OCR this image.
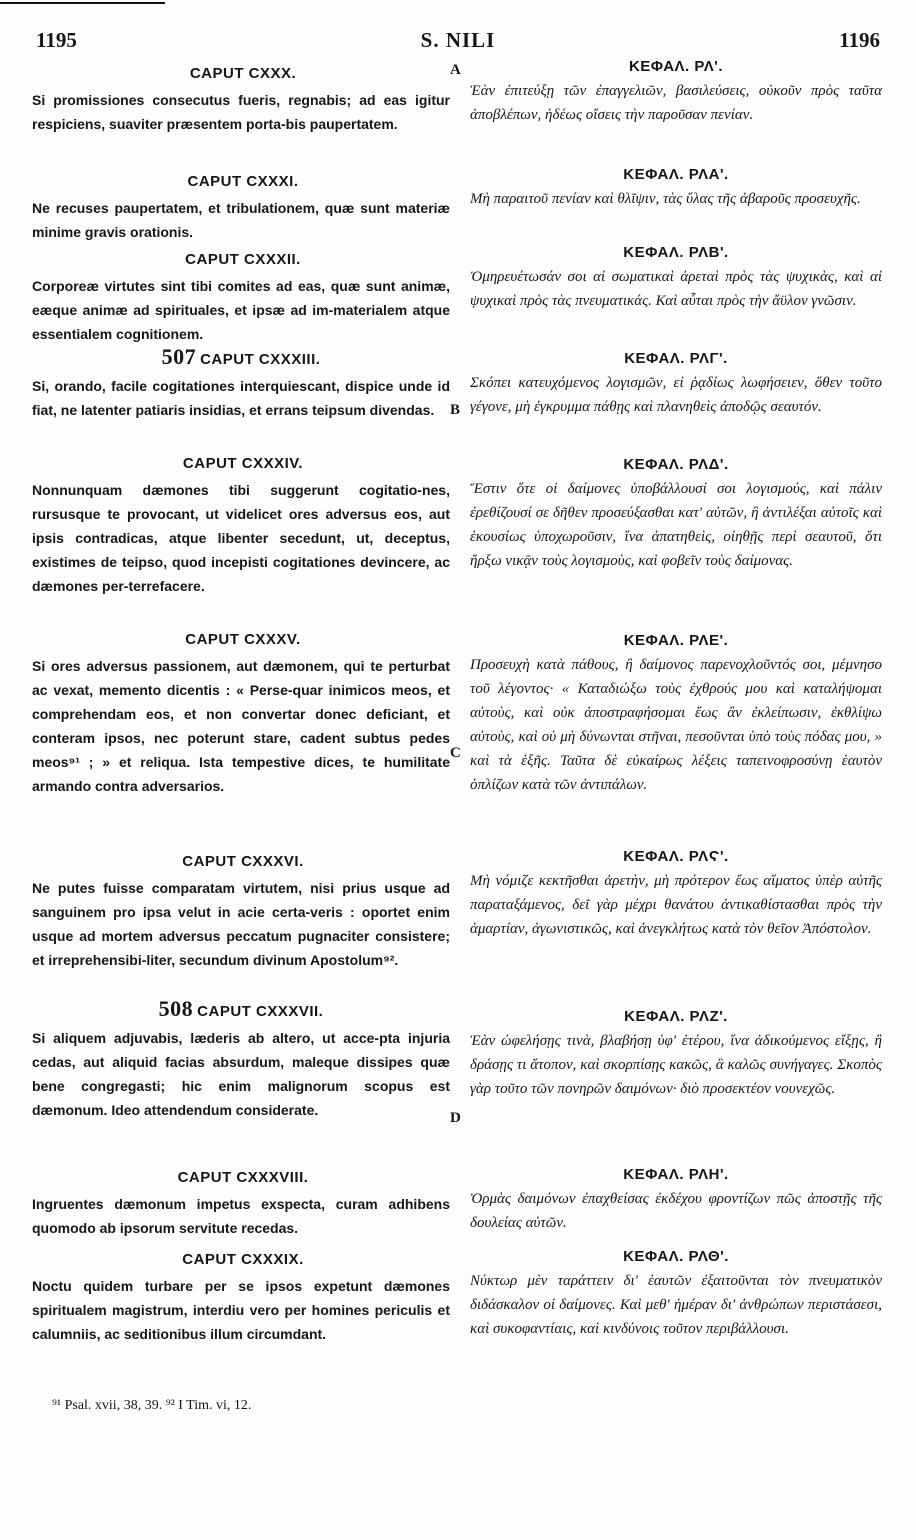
1195	S. NILI	1196
A
B
C
D
CAPUT CXXX.

Si promissiones consecutus fueris, regnabis; ad eas igitur respiciens, suaviter præsentem porta-bis paupertatem.

CAPUT CXXXI.

Ne recuses paupertatem, et tribulationem, quæ sunt materiæ minime gravis orationis.

CAPUT CXXXII.

Corporeæ virtutes sint tibi comites ad eas, quæ sunt animæ, eæque animæ ad spirituales, et ipsæ ad im-materialem atque essentialem cognitionem.

507 CAPUT CXXXIII.

Si, orando, facile cogitationes interquiescant, dispice unde id fiat, ne latenter patiaris insidias, et errans teipsum divendas.

CAPUT CXXXIV.

Nonnunquam dæmones tibi suggerunt cogitatio-nes, rursusque te provocant, ut videlicet ores adversus eos, aut ipsis contradicas, atque libenter secedunt, ut, deceptus, existimes de teipso, quod incepisti cogitationes devincere, ac dæmones per-terrefacere.

CAPUT CXXXV.

Si ores adversus passionem, aut dæmonem, qui te perturbat ac vexat, memento dicentis : « Perse-quar inimicos meos, et comprehendam eos, et non convertar donec deficiant, et conteram ipsos, nec poterunt stare, cadent subtus pedes meos⁹¹ ; » et reliqua. Ista tempestive dices, te humilitate armando contra adversarios.

CAPUT CXXXVI.

Ne putes fuisse comparatam virtutem, nisi prius usque ad sanguinem pro ipsa velut in acie certa-veris : oportet enim usque ad mortem adversus peccatum pugnaciter consistere; et irreprehensibi-liter, secundum divinum Apostolum⁹².

508 CAPUT CXXXVII.

Si aliquem adjuvabis, læderis ab altero, ut acce-pta injuria cedas, aut aliquid facias absurdum, maleque dissipes quæ bene congregasti; hic enim malignorum scopus est dæmonum. Ideo attendendum considerate.

CAPUT CXXXVIII.

Ingruentes dæmonum impetus exspecta, curam adhibens quomodo ab ipsorum servitute recedas.

CAPUT CXXXIX.

Noctu quidem turbare per se ipsos expetunt dæmones spiritualem magistrum, interdiu vero per homines periculis et calumniis, ac seditionibus illum circumdant.

ΚΕΦΑΛ. ΡΛ'.

Ἐὰν ἐπιτεύξῃ τῶν ἐπαγγελιῶν, βασιλεύσεις, οὐκοῦν πρὸς ταῦτα ἀποβλέπων, ἡδέως οἴσεις τὴν παροῦσαν πενίαν.

ΚΕΦΑΛ. ΡΛΑ'.

Μὴ παραιτοῦ πενίαν καὶ θλῖψιν, τὰς ὕλας τῆς ἀβαροῦς προσευχῆς.

ΚΕΦΑΛ. ΡΛΒ'.

Ὁμηρευέτωσάν σοι αἱ σωματικαὶ ἀρεταὶ πρὸς τὰς ψυχικὰς, καὶ αἱ ψυχικαὶ πρὸς τὰς πνευματικάς. Καὶ αὗται πρὸς τὴν ἄϋλον γνῶσιν.

ΚΕΦΑΛ. ΡΛΓ'.

Σκόπει κατευχόμενος λογισμῶν, εἰ ῥᾳδίως λωφήσειεν, ὅθεν τοῦτο γέγονε, μὴ ἐγκρυμμα πάθῃς καὶ πλανηθεὶς ἀποδῷς σεαυτόν.

ΚΕΦΑΛ. ΡΛΔ'.

Ἔστιν ὅτε οἱ δαίμονες ὑποβάλλουσί σοι λογισμούς, καὶ πάλιν ἐρεθίζουσί σε δῆθεν προσεύξασθαι κατ' αὐτῶν, ἢ ἀντιλέξαι αὐτοῖς καὶ ἑκουσίως ὑποχωροῦσιν, ἵνα ἀπατηθεὶς, οἰηθῇς περὶ σεαυτοῦ, ὅτι ἤρξω νικᾷν τοὺς λογισμοὺς, καὶ φοβεῖν τοὺς δαίμονας.

ΚΕΦΑΛ. ΡΛΕ'.

Προσευχὴ κατὰ πάθους, ἢ δαίμονος παρενοχλοῦντός σοι, μέμνησο τοῦ λέγοντος· « Καταδιώξω τοὺς ἐχθρούς μου καὶ καταλήψομαι αὐτοὺς, καὶ οὐκ ἀποστραφήσομαι ἕως ἂν ἐκλείπωσιν, ἐκθλίψω αὐτοὺς, καὶ οὐ μὴ δύνωνται στῆναι, πεσοῦνται ὑπὸ τοὺς πόδας μου, » καὶ τὰ ἑξῆς. Ταῦτα δὲ εὐκαίρως λέξεις ταπεινοφροσύνῃ ἑαυτὸν ὁπλίζων κατὰ τῶν ἀντιπάλων.

ΚΕΦΑΛ. ΡΛϚ'.

Μὴ νόμιζε κεκτῆσθαι ἀρετὴν, μὴ πρότερον ἕως αἵματος ὑπὲρ αὐτῆς παραταξάμενος, δεῖ γὰρ μέχρι θανάτου ἀντικαθίστασθαι πρὸς τὴν ἁμαρτίαν, ἀγωνιστικῶς, καὶ ἀνεγκλήτως κατὰ τὸν θεῖον Ἀπόστολον.

ΚΕΦΑΛ. ΡΛΖ'.

Ἐὰν ὠφελήσῃς τινὰ, βλαβήσῃ ὑφ' ἑτέρου, ἵνα ἀδικούμενος εἴξῃς, ἢ δράσῃς τι ἄτοπον, καὶ σκορπίσῃς κακῶς, ἃ καλῶς συνήγαγες. Σκοπὸς γὰρ τοῦτο τῶν πονηρῶν δαιμόνων· διὸ προσεκτέον νουνεχῶς.

ΚΕΦΑΛ. ΡΛΗ'.

Ὁρμὰς δαιμόνων ἐπαχθείσας ἐκδέχου φροντίζων πῶς ἀποστῇς τῆς δουλείας αὐτῶν.

ΚΕΦΑΛ. ΡΛΘ'.

Νύκτωρ μὲν ταράττειν δι' ἑαυτῶν ἐξαιτοῦνται τὸν πνευματικὸν διδάσκαλον οἱ δαίμονες. Καὶ μεθ' ἡμέραν δι' ἀνθρώπων περιστάσεσι, καὶ συκοφαντίαις, καὶ κινδύνοις τοῦτον περιβάλλουσι.

⁹¹ Psal. xvii, 38, 39. ⁹² I Tim. vi, 12.
